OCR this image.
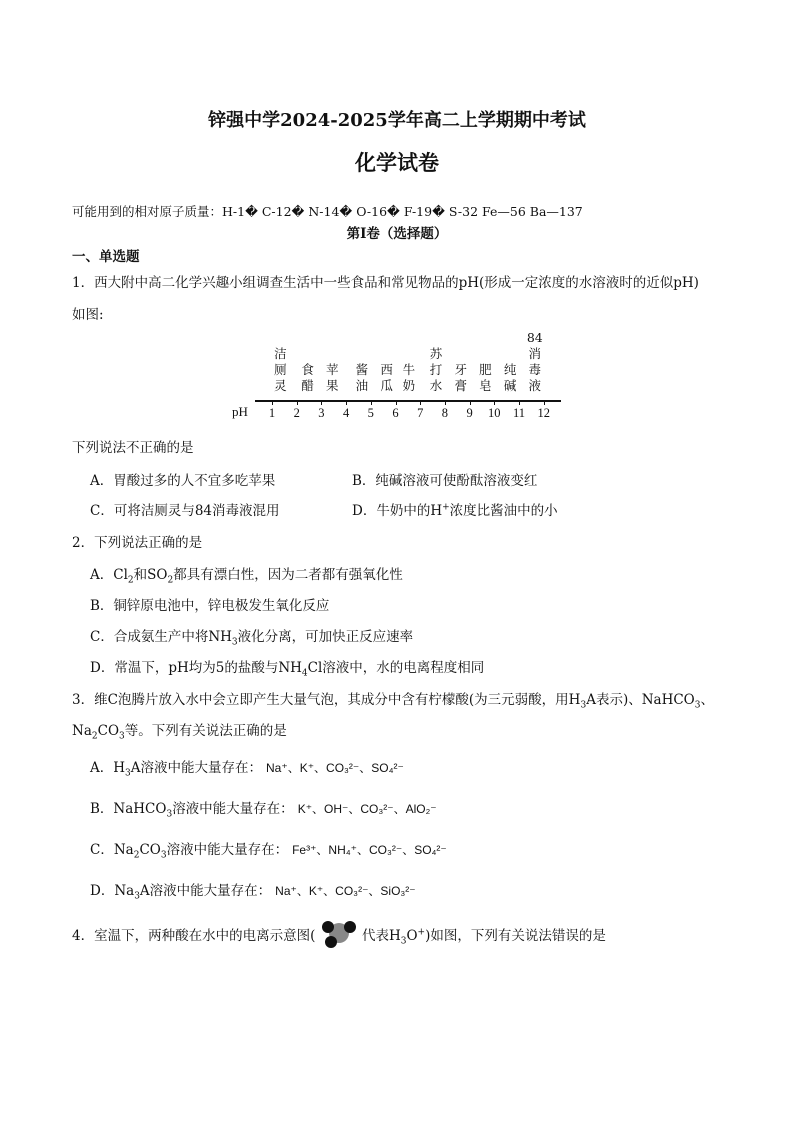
锌强中学2024-2025学年高二上学期期中考试
化学试卷
可能用到的相对原子质量：H-1� C-12� N-14� O-16� F-19� S-32 Fe—56 Ba—137
第Ⅰ卷（选择题）
一、单选题
1．西大附中高二化学兴趣小组调查生活中一些食品和常见物品的pH(形成一定浓度的水溶液时的近似pH)
如图:
pH	1	2	3	4	5	6	7	8	9	10 11 12
洁
厕
灵
食
醋
苹
果
酱
油
西
瓜
牛
奶
苏
打
水
牙
膏
肥
皂
纯
碱
84
消
毒
液
下列说法不正确的是
A．胃酸过多的人不宜多吃苹果	B．纯碱溶液可使酚酞溶液变红
C．可将洁厕灵与84消毒液混用	D．牛奶中的H+浓度比酱油中的小
2．下列说法正确的是
A．$Cl_2$和$SO_2$都具有漂白性，因为二者都有强氧化性
B．铜锌原电池中，锌电极发生氧化反应
C．合成氨生产中将$NH_3$液化分离，可加快正反应速率
D．常温下，pH均为5的盐酸与$NH_4Cl$溶液中，水的电离程度相同
3．维C泡腾片放入水中会立即产生大量气泡，其成分中含有柠檬酸(为三元弱酸，用$H_3A$表示)、NaHCO$_3$、
$Na_2CO_3$等。下列有关说法正确的是
A．$H_3A$溶液中能大量存在： Na⁺、K⁺、CO₃²⁻、SO₄²⁻
B．NaHCO$_3$溶液中能大量存在： K⁺、OH⁻、CO₃²⁻、AlO₂⁻
C．$Na_2CO_3$溶液中能大量存在： Fe³⁺、NH₄⁺、CO₃²⁻、SO₄²⁻
D．$Na_3A$溶液中能大量存在： Na⁺、K⁺、CO₃²⁻、SiO₃²⁻
4．室温下，两种酸在水中的电离示意图(	代表$H_3O^+$)如图，下列有关说法错误的是
